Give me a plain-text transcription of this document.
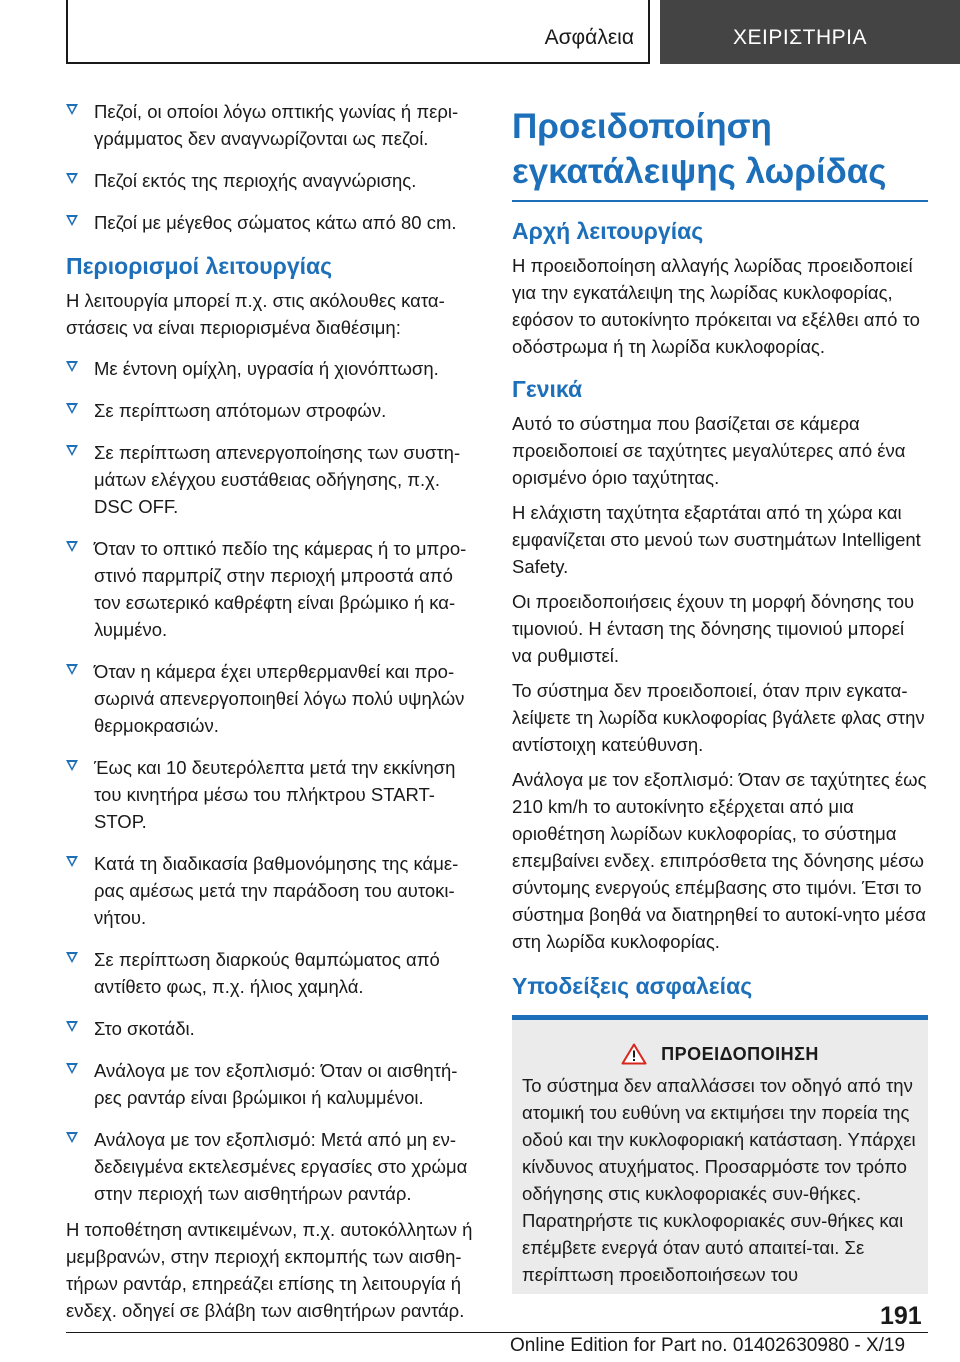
Ασφάλεια	ΧΕΙΡΙΣΤΗΡΙΑ
Πεζοί, οι οποίοι λόγω οπτικής γωνίας ή περι-γράμματος δεν αναγνωρίζονται ως πεζοί.
Πεζοί εκτός της περιοχής αναγνώρισης.
Πεζοί με μέγεθος σώματος κάτω από 80 cm.
Περιορισμοί λειτουργίας

Η λειτουργία μπορεί π.χ. στις ακόλουθες κατα-στάσεις να είναι περιορισμένα διαθέσιμη:

Με έντονη ομίχλη, υγρασία ή χιονόπτωση.
Σε περίπτωση απότομων στροφών.
Σε περίπτωση απενεργοποίησης των συστη-μάτων ελέγχου ευστάθειας οδήγησης, π.χ. DSC OFF.
Όταν το οπτικό πεδίο της κάμερας ή το μπρο-στινό παρμπρίζ στην περιοχή μπροστά από τον εσωτερικό καθρέφτη είναι βρώμικο ή κα-λυμμένο.
Όταν η κάμερα έχει υπερθερμανθεί και προ-σωρινά απενεργοποιηθεί λόγω πολύ υψηλών θερμοκρασιών.
Έως και 10 δευτερόλεπτα μετά την εκκίνηση του κινητήρα μέσω του πλήκτρου START-STOP.
Κατά τη διαδικασία βαθμονόμησης της κάμε-ρας αμέσως μετά την παράδοση του αυτοκι-νήτου.
Σε περίπτωση διαρκούς θαμπώματος από αντίθετο φως, π.χ. ήλιος χαμηλά.
Στο σκοτάδι.
Ανάλογα με τον εξοπλισμό: Όταν οι αισθητή-ρες ραντάρ είναι βρώμικοι ή καλυμμένοι.
Ανάλογα με τον εξοπλισμό: Μετά από μη εν-δεδειγμένα εκτελεσμένες εργασίες στο χρώμα στην περιοχή των αισθητήρων ραντάρ.

Η τοποθέτηση αντικειμένων, π.χ. αυτοκόλλητων ή μεμβρανών, στην περιοχή εκπομπής των αισθη-τήρων ραντάρ, επηρεάζει επίσης τη λειτουργία ή ενδεχ. οδηγεί σε βλάβη των αισθητήρων ραντάρ.

Προειδοποίηση εγκατάλειψης λωρίδας
Αρχή λειτουργίας

Η προειδοποίηση αλλαγής λωρίδας προειδοποιεί για την εγκατάλειψη της λωρίδας κυκλοφορίας, εφόσον το αυτοκίνητο πρόκειται να εξέλθει από το οδόστρωμα ή τη λωρίδα κυκλοφορίας.

Γενικά

Αυτό το σύστημα που βασίζεται σε κάμερα προειδοποιεί σε ταχύτητες μεγαλύτερες από ένα ορισμένο όριο ταχύτητας.

Η ελάχιστη ταχύτητα εξαρτάται από τη χώρα και εμφανίζεται στο μενού των συστημάτων Intelligent Safety.

Οι προειδοποιήσεις έχουν τη μορφή δόνησης του τιμονιού. Η ένταση της δόνησης τιμονιού μπορεί να ρυθμιστεί.

Το σύστημα δεν προειδοποιεί, όταν πριν εγκατα-λείψετε τη λωρίδα κυκλοφορίας βγάλετε φλας στην αντίστοιχη κατεύθυνση.

Ανάλογα με τον εξοπλισμό: Όταν σε ταχύτητες έως 210 km/h το αυτοκίνητο εξέρχεται από μια οριοθέτηση λωρίδων κυκλοφορίας, το σύστημα επεμβαίνει ενδεχ. επιπρόσθετα της δόνησης μέσω σύντομης ενεργούς επέμβασης στο τιμόνι. Έτσι το σύστημα βοηθά να διατηρηθεί το αυτοκί-νητο μέσα στη λωρίδα κυκλοφορίας.

Υποδείξεις ασφαλείας
ΠΡΟΕΙΔΟΠΟΙΗΣΗ

Το σύστημα δεν απαλλάσσει τον οδηγό από την ατομική του ευθύνη να εκτιμήσει την πορεία της οδού και την κυκλοφοριακή κατάσταση. Υπάρχει κίνδυνος ατυχήματος. Προσαρμόστε τον τρόπο οδήγησης στις κυκλοφοριακές συν-θήκες. Παρατηρήστε τις κυκλοφοριακές συν-θήκες και επέμβετε ενεργά όταν αυτό απαιτεί-ται. Σε περίπτωση προειδοποιήσεων του

191
Online Edition for Part no. 01402630980 - X/19
